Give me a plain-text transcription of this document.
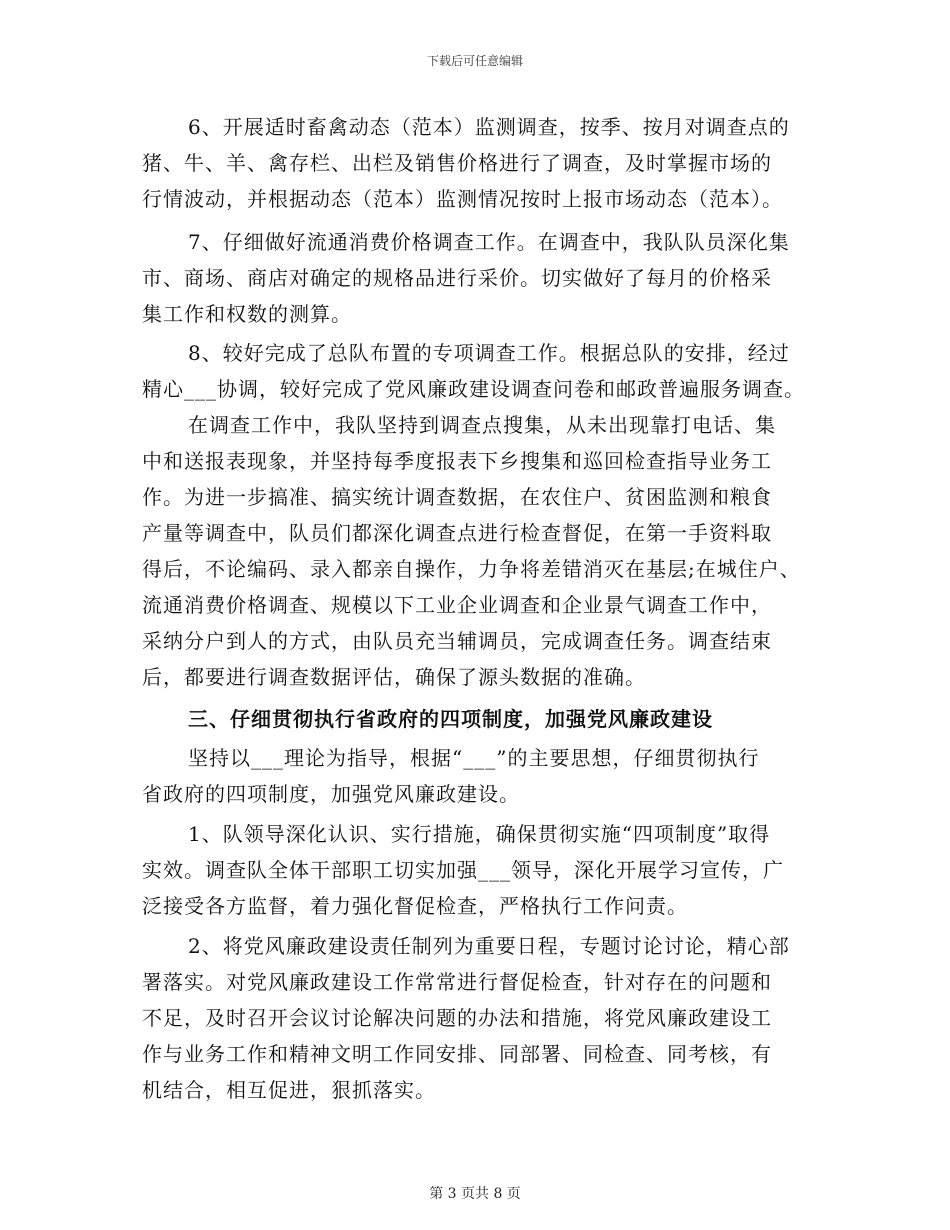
下载后可任意编辑
6、开展适时畜禽动态（范本）监测调查，按季、按月对调查点的
猪、牛、羊、禽存栏、出栏及销售价格进行了调查，及时掌握市场的
行情波动，并根据动态（范本）监测情况按时上报市场动态（范本）。
7、仔细做好流通消费价格调查工作。在调查中，我队队员深化集
市、商场、商店对确定的规格品进行采价。切实做好了每月的价格采
集工作和权数的测算。
8、较好完成了总队布置的专项调查工作。根据总队的安排，经过
精心___协调，较好完成了党风廉政建设调查问卷和邮政普遍服务调查。
在调查工作中，我队坚持到调查点搜集，从未出现靠打电话、集
中和送报表现象，并坚持每季度报表下乡搜集和巡回检查指导业务工
作。为进一步搞准、搞实统计调查数据，在农住户、贫困监测和粮食
产量等调查中，队员们都深化调查点进行检查督促，在第一手资料取
得后，不论编码、录入都亲自操作，力争将差错消灭在基层;在城住户、
流通消费价格调查、规模以下工业企业调查和企业景气调查工作中，
采纳分户到人的方式，由队员充当辅调员，完成调查任务。调查结束
后，都要进行调查数据评估，确保了源头数据的准确。
三、仔细贯彻执行省政府的四项制度，加强党风廉政建设
坚持以___理论为指导，根据“___”的主要思想，仔细贯彻执行
省政府的四项制度，加强党风廉政建设。
1、队领导深化认识、实行措施，确保贯彻实施“四项制度”取得
实效。调查队全体干部职工切实加强___领导，深化开展学习宣传，广
泛接受各方监督，着力强化督促检查，严格执行工作问责。
2、将党风廉政建设责任制列为重要日程，专题讨论讨论，精心部
署落实。对党风廉政建设工作常常进行督促检查，针对存在的问题和
不足，及时召开会议讨论解决问题的办法和措施，将党风廉政建设工
作与业务工作和精神文明工作同安排、同部署、同检查、同考核，有
机结合，相互促进，狠抓落实。
第 3 页共 8 页
